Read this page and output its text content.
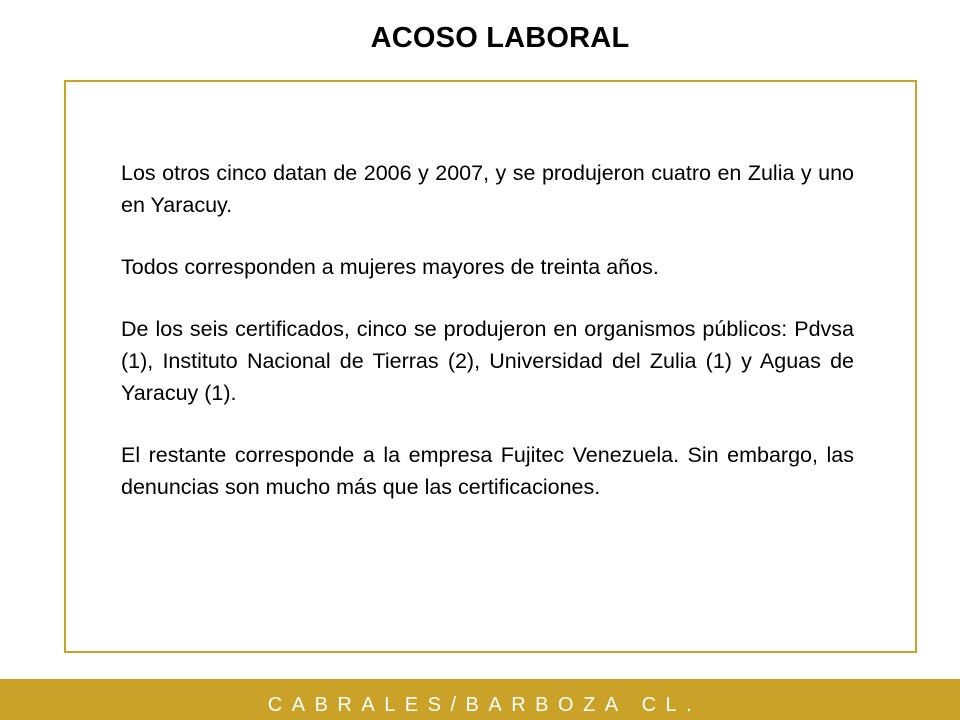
ACOSO LABORAL

Los otros cinco datan de 2006 y 2007, y se produjeron cuatro en Zulia y uno en Yaracuy.

Todos corresponden a mujeres mayores de treinta años.

De los seis certificados, cinco se produjeron en organismos públicos: Pdvsa (1), Instituto Nacional de Tierras (2), Universidad del Zulia (1) y Aguas de Yaracuy (1).

El restante corresponde a la empresa Fujitec Venezuela. Sin embargo, las denuncias son mucho más que las certificaciones.

CABRALES/BARBOZA CL.
